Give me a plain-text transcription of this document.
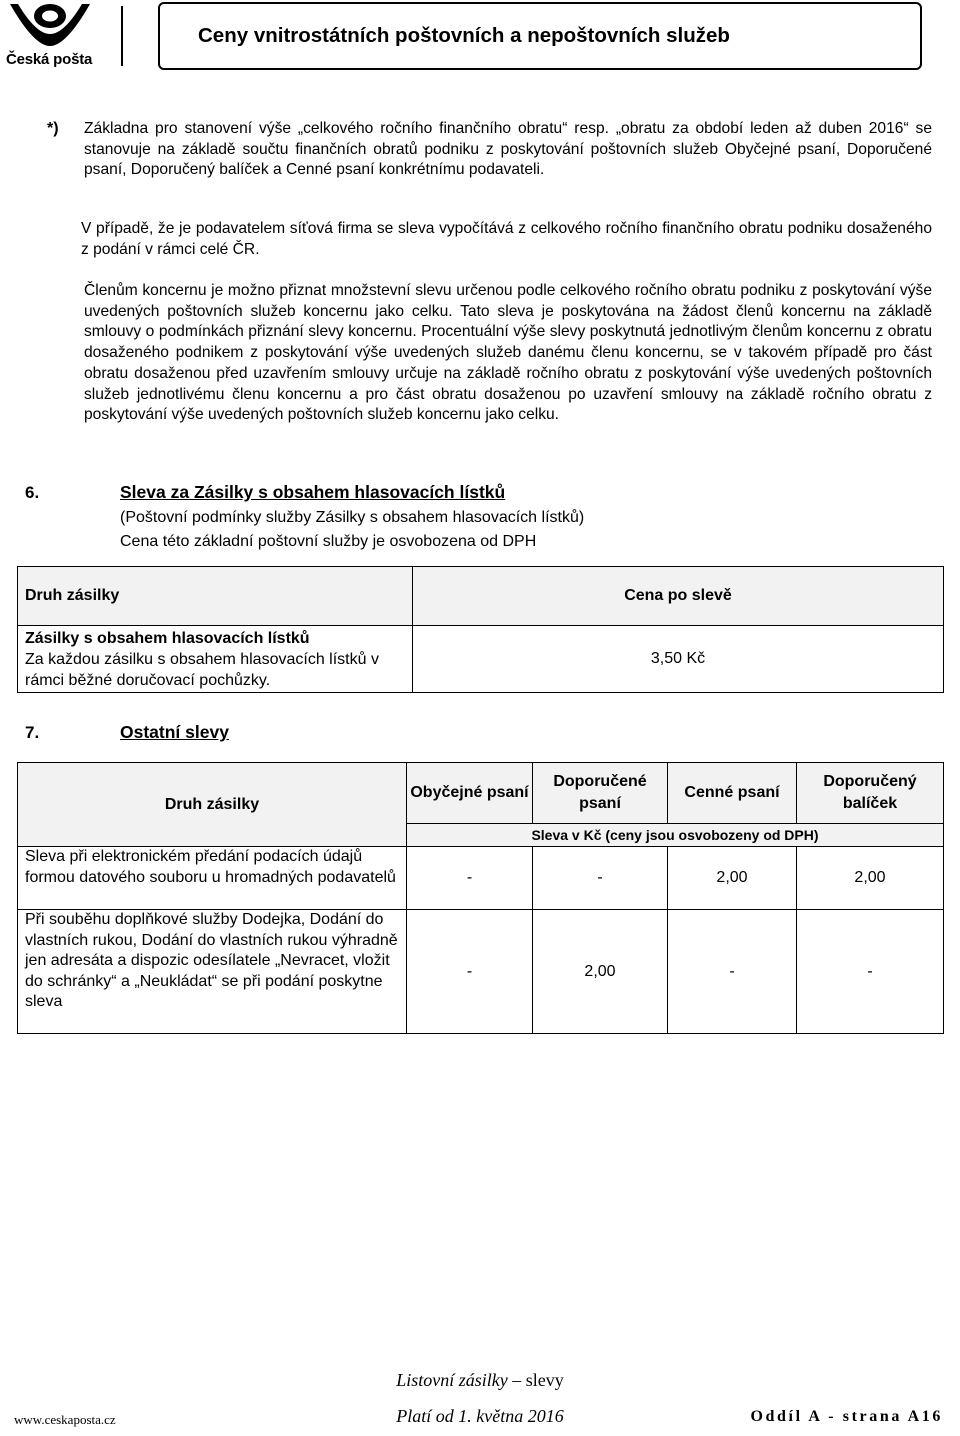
Česká pošta
Ceny vnitrostátních poštovních a nepoštovních služeb
*) Základna pro stanovení výše „celkového ročního finančního obratu“ resp. „obratu za období leden až duben 2016“ se stanovuje na základě součtu finančních obratů podniku z poskytování poštovních služeb Obyčejné psaní, Doporučené psaní, Doporučený balíček a Cenné psaní konkrétnímu podavateli.
V případě, že je podavatelem síťová firma se sleva vypočítává z celkového ročního finančního obratu podniku dosaženého z podání v rámci celé ČR.
Členům koncernu je možno přiznat množstevní slevu určenou podle celkového ročního obratu podniku z poskytování výše uvedených poštovních služeb koncernu jako celku. Tato sleva je poskytována na žádost členů koncernu na základě smlouvy o podmínkách přiznání slevy koncernu. Procentuální výše slevy poskytnutá jednotlivým členům koncernu z obratu dosaženého podnikem z poskytování výše uvedených služeb danému členu koncernu, se v takovém případě pro část obratu dosaženou před uzavřením smlouvy určuje na základě ročního obratu z poskytování výše uvedených poštovních služeb jednotlivému členu koncernu a pro část obratu dosaženou po uzavření smlouvy na základě ročního obratu z poskytování výše uvedených poštovních služeb koncernu jako celku.
6.	Sleva za Zásilky s obsahem hlasovacích lístků
(Poštovní podmínky služby Zásilky s obsahem hlasovacích lístků)
Cena této základní poštovní služby je osvobozena od DPH
Druh zásilky	Cena po slevě

Zásilky s obsahem hlasovacích lístků
Za každou zásilku s obsahem hlasovacích lístků v rámci běžné doručovací pochůzky.	3,50 Kč
7.	Ostatní slevy
Druh zásilky	Obyčejné psaní	Doporučené psaní	Cenné psaní	Doporučený balíček
	Sleva v Kč (ceny jsou osvobozeny od DPH)			
Sleva při elektronickém předání podacích údajů formou datového souboru u hromadných podavatelů	-	-	2,00	2,00
Při souběhu doplňkové služby Dodejka, Dodání do vlastních rukou, Dodání do vlastních rukou výhradně jen adresáta a dispozic odesílatele „Nevracet, vložit do schránky“ a „Neukládat“ se při podání poskytne sleva	-	2,00	-	-
Listovní zásilky – slevy
Platí od 1. května 2016
www.ceskaposta.cz	Oddíl A - strana A16
